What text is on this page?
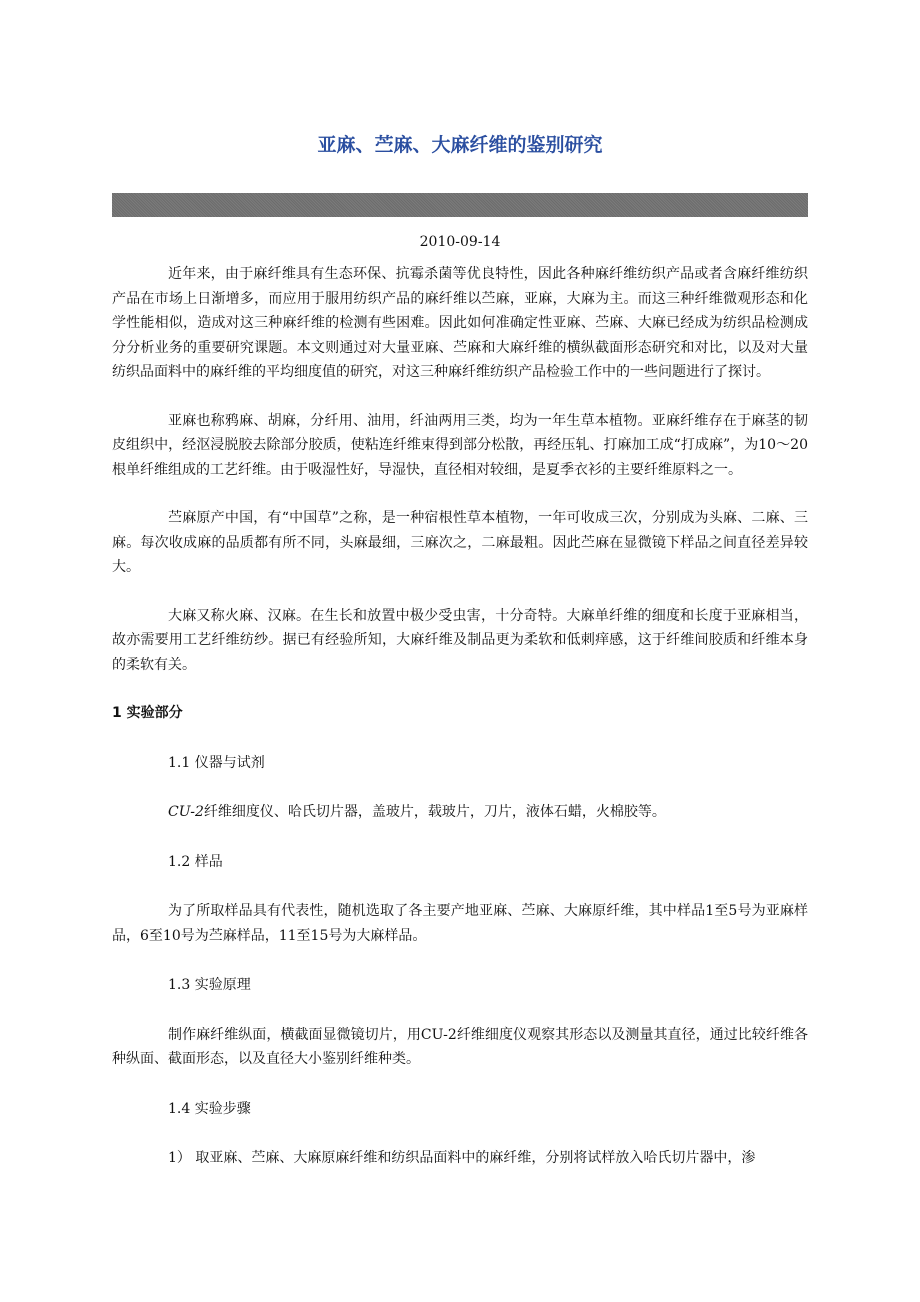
亚麻、苎麻、大麻纤维的鉴别研究
2010-09-14

近年来，由于麻纤维具有生态环保、抗霉杀菌等优良特性，因此各种麻纤维纺织产品或者含麻纤维纺织产品在市场上日渐增多，而应用于服用纺织产品的麻纤维以苎麻，亚麻，大麻为主。而这三种纤维微观形态和化学性能相似，造成对这三种麻纤维的检测有些困难。因此如何准确定性亚麻、苎麻、大麻已经成为纺织品检测成分分析业务的重要研究课题。本文则通过对大量亚麻、苎麻和大麻纤维的横纵截面形态研究和对比，以及对大量纺织品面料中的麻纤维的平均细度值的研究，对这三种麻纤维纺织产品检验工作中的一些问题进行了探讨。

亚麻也称鸦麻、胡麻，分纤用、油用，纤油两用三类，均为一年生草本植物。亚麻纤维存在于麻茎的韧皮组织中，经沤浸脱胶去除部分胶质，使粘连纤维束得到部分松散，再经压轧、打麻加工成“打成麻”，为10～20根单纤维组成的工艺纤维。由于吸湿性好，导湿快，直径相对较细，是夏季衣衫的主要纤维原料之一。

苎麻原产中国，有“中国草”之称，是一种宿根性草本植物，一年可收成三次，分别成为头麻、二麻、三麻。每次收成麻的品质都有所不同，头麻最细，三麻次之，二麻最粗。因此苎麻在显微镜下样品之间直径差异较大。

大麻又称火麻、汉麻。在生长和放置中极少受虫害，十分奇特。大麻单纤维的细度和长度于亚麻相当，故亦需要用工艺纤维纺纱。据已有经验所知，大麻纤维及制品更为柔软和低刺痒感，这于纤维间胶质和纤维本身的柔软有关。

1 实验部分

1.1 仪器与试剂

CU-2纤维细度仪、哈氏切片器，盖玻片，载玻片，刀片，液体石蜡，火棉胶等。

1.2 样品

为了所取样品具有代表性，随机选取了各主要产地亚麻、苎麻、大麻原纤维，其中样品1至5号为亚麻样品，6至10号为苎麻样品，11至15号为大麻样品。

1.3 实验原理

制作麻纤维纵面，横截面显微镜切片，用CU-2纤维细度仪观察其形态以及测量其直径，通过比较纤维各种纵面、截面形态，以及直径大小鉴别纤维种类。

1.4 实验步骤

1） 取亚麻、苎麻、大麻原麻纤维和纺织品面料中的麻纤维，分别将试样放入哈氏切片器中，渗
